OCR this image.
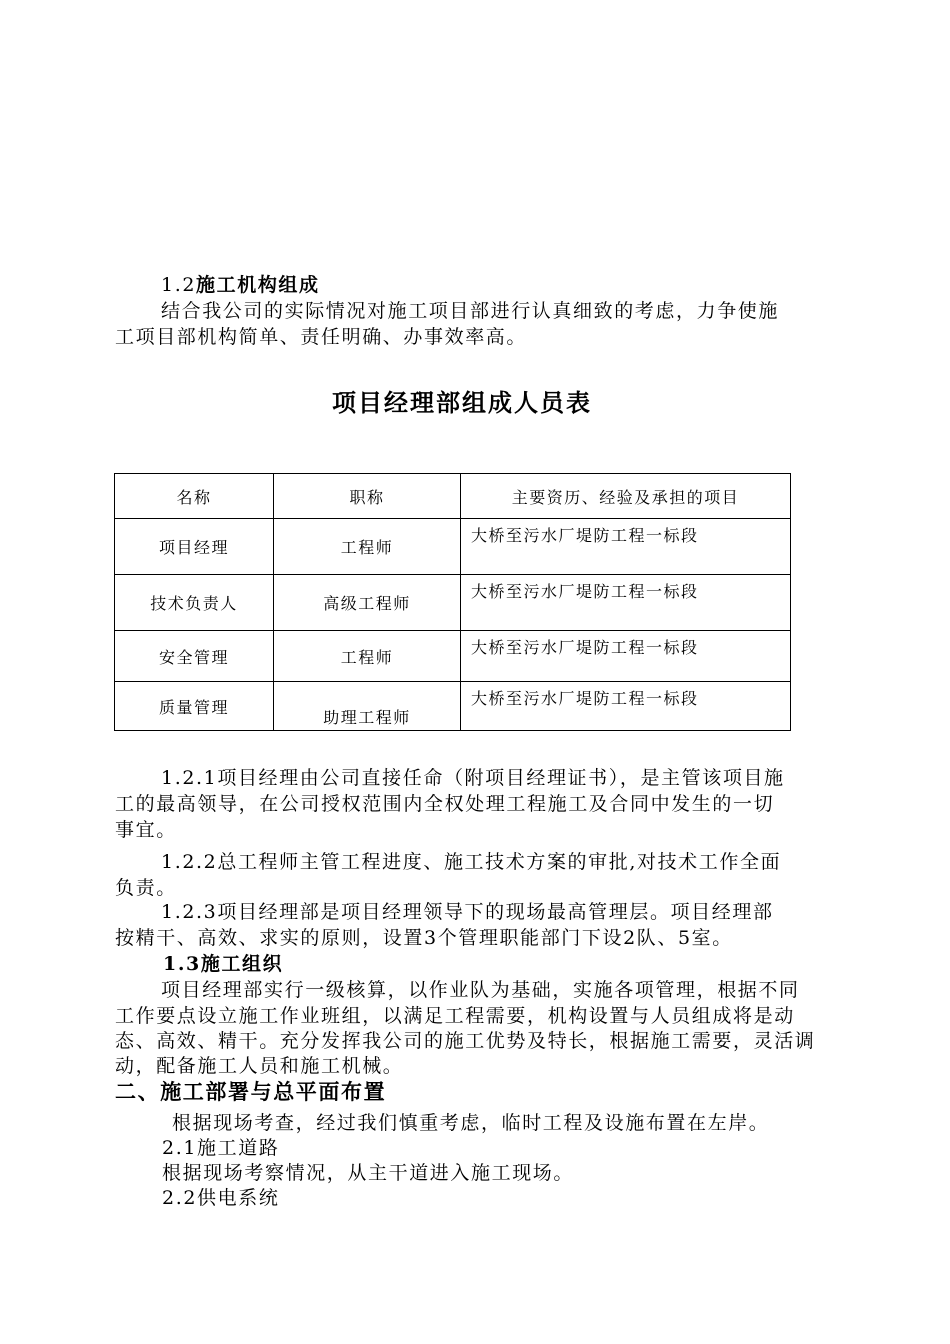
1.2施工机构组成
结合我公司的实际情况对施工项目部进行认真细致的考虑，力争使施
工项目部机构简单、责任明确、办事效率高。
项目经理部组成人员表
名称	职称	主要资历、经验及承担的项目
项目经理	工程师	大桥至污水厂堤防工程一标段
技术负责人	高级工程师	大桥至污水厂堤防工程一标段
安全管理	工程师	大桥至污水厂堤防工程一标段
质量管理	助理工程师	大桥至污水厂堤防工程一标段
1.2.1项目经理由公司直接任命（附项目经理证书），是主管该项目施
工的最高领导，在公司授权范围内全权处理工程施工及合同中发生的一切
事宜。
1.2.2总工程师主管工程进度、施工技术方案的审批,对技术工作全面
负责。
1.2.3项目经理部是项目经理领导下的现场最高管理层。项目经理部
按精干、高效、求实的原则，设置3个管理职能部门下设2队、5室。
1.3施工组织
项目经理部实行一级核算，以作业队为基础，实施各项管理，根据不同
工作要点设立施工作业班组，以满足工程需要，机构设置与人员组成将是动
态、高效、精干。充分发挥我公司的施工优势及特长，根据施工需要，灵活调
动，配备施工人员和施工机械。
二、施工部署与总平面布置
根据现场考查，经过我们慎重考虑，临时工程及设施布置在左岸。
2.1施工道路
根据现场考察情况，从主干道进入施工现场。
2.2供电系统
